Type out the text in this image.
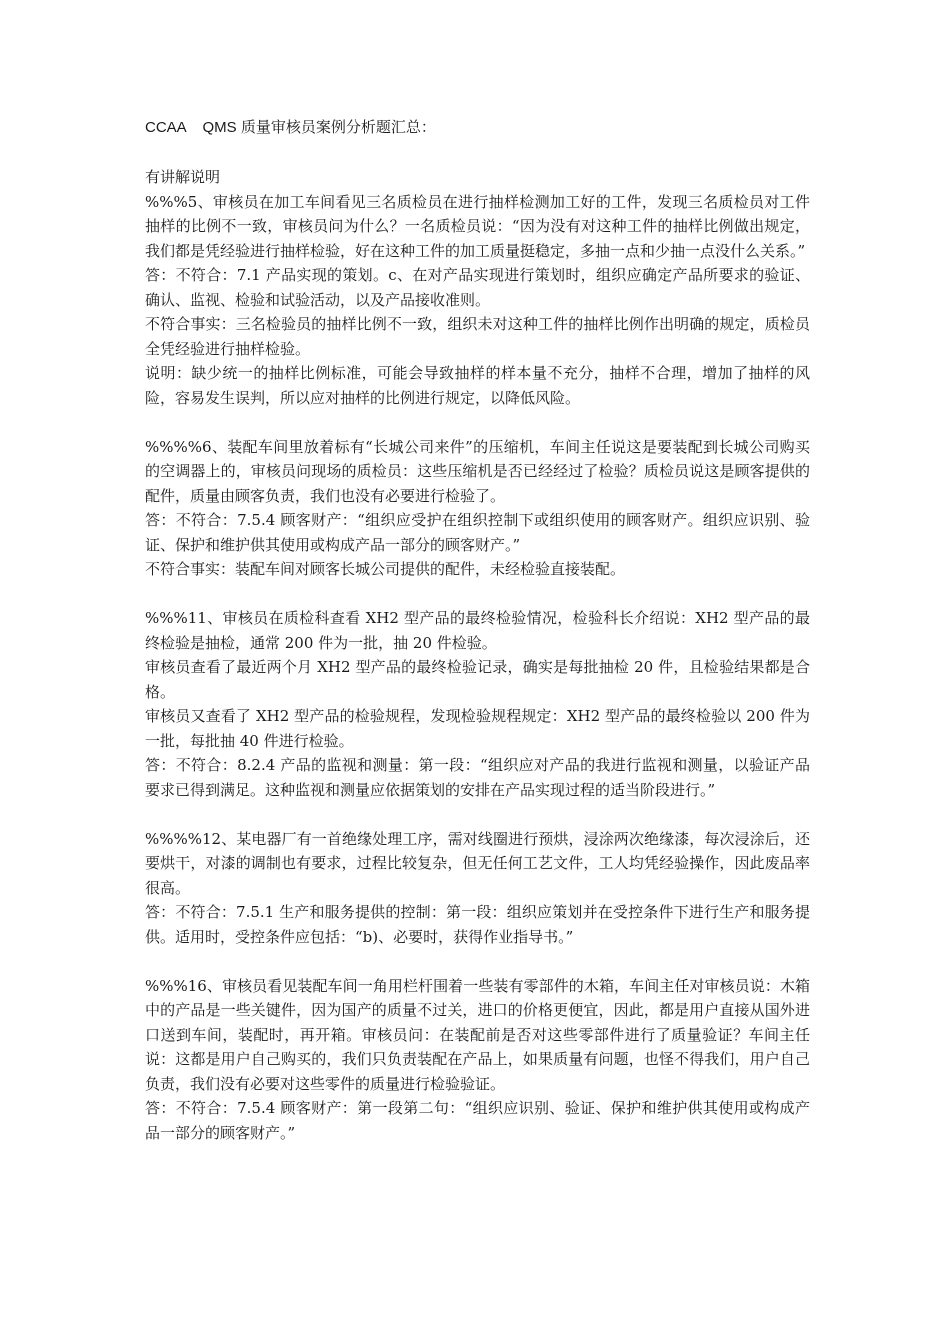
CCAA    QMS 质量审核员案例分析题汇总：

有讲解说明

%%%5、审核员在加工车间看见三名质检员在进行抽样检测加工好的工件，发现三名质检员对工件抽样的比例不一致，审核员问为什么？一名质检员说：“因为没有对这种工件的抽样比例做出规定，我们都是凭经验进行抽样检验，好在这种工件的加工质量挺稳定，多抽一点和少抽一点没什么关系。”

答：不符合：7.1 产品实现的策划。c、在对产品实现进行策划时，组织应确定产品所要求的验证、确认、监视、检验和试验活动，以及产品接收准则。

不符合事实：三名检验员的抽样比例不一致，组织未对这种工件的抽样比例作出明确的规定，质检员全凭经验进行抽样检验。

说明：缺少统一的抽样比例标准，可能会导致抽样的样本量不充分，抽样不合理，增加了抽样的风险，容易发生误判，所以应对抽样的比例进行规定，以降低风险。

%%%%6、装配车间里放着标有“长城公司来件”的压缩机，车间主任说这是要装配到长城公司购买的空调器上的，审核员问现场的质检员：这些压缩机是否已经经过了检验？质检员说这是顾客提供的配件，质量由顾客负责，我们也没有必要进行检验了。

答：不符合：7.5.4 顾客财产：“组织应受护在组织控制下或组织使用的顾客财产。组织应识别、验证、保护和维护供其使用或构成产品一部分的顾客财产。”

不符合事实：装配车间对顾客长城公司提供的配件，未经检验直接装配。

%%%11、审核员在质检科查看 XH2 型产品的最终检验情况，检验科长介绍说：XH2 型产品的最终检验是抽检，通常 200 件为一批，抽 20 件检验。

审核员查看了最近两个月 XH2 型产品的最终检验记录，确实是每批抽检 20 件，且检验结果都是合格。

审核员又查看了 XH2 型产品的检验规程，发现检验规程规定：XH2 型产品的最终检验以 200 件为一批，每批抽 40 件进行检验。

答：不符合：8.2.4 产品的监视和测量：第一段：“组织应对产品的我进行监视和测量，以验证产品要求已得到满足。这种监视和测量应依据策划的安排在产品实现过程的适当阶段进行。”

%%%%12、某电器厂有一首绝缘处理工序，需对线圈进行预烘，浸涂两次绝缘漆，每次浸涂后，还要烘干，对漆的调制也有要求，过程比较复杂，但无任何工艺文件，工人均凭经验操作，因此废品率很高。

答：不符合：7.5.1 生产和服务提供的控制：第一段：组织应策划并在受控条件下进行生产和服务提供。适用时，受控条件应包括：“b)、必要时，获得作业指导书。”

%%%16、审核员看见装配车间一角用栏杆围着一些装有零部件的木箱，车间主任对审核员说：木箱中的产品是一些关键件，因为国产的质量不过关，进口的价格更便宜，因此，都是用户直接从国外进口送到车间，装配时，再开箱。审核员问：在装配前是否对这些零部件进行了质量验证？车间主任说：这都是用户自己购买的，我们只负责装配在产品上，如果质量有问题，也怪不得我们，用户自己负责，我们没有必要对这些零件的质量进行检验验证。

答：不符合：7.5.4 顾客财产：第一段第二句：“组织应识别、验证、保护和维护供其使用或构成产品一部分的顾客财产。”
